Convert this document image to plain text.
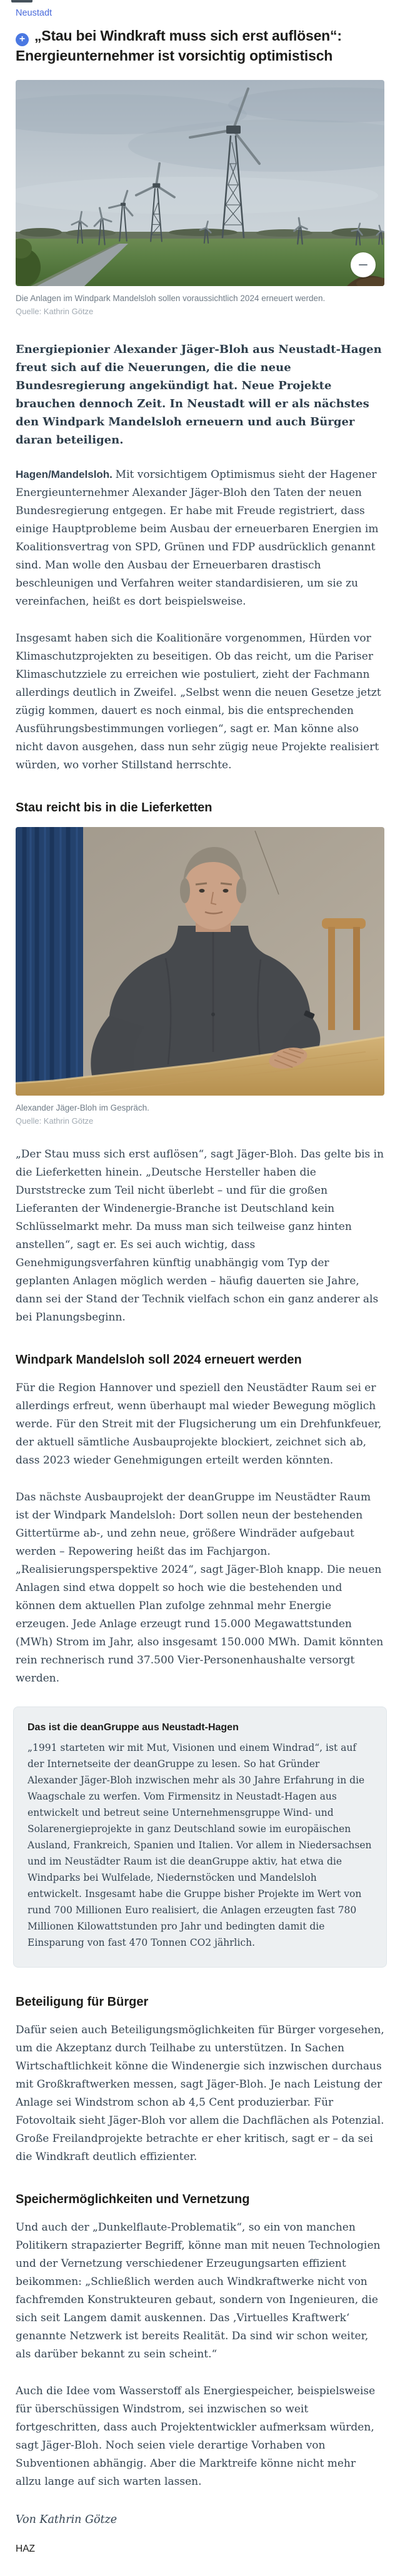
Neustadt
+ „Stau bei Windkraft muss sich erst auflösen“: Energieunternehmer ist vorsichtig optimistisch
Die Anlagen im Windpark Mandelsloh sollen voraussichtlich 2024 erneuert werden.
Quelle: Kathrin Götze
Energiepionier Alexander Jäger-Bloh aus Neustadt-Hagen freut sich auf die Neuerungen, die die neue Bundesregierung angekündigt hat. Neue Projekte brauchen dennoch Zeit. In Neustadt will er als nächstes den Windpark Mandelsloh erneuern und auch Bürger daran beteiligen.

Hagen/Mandelsloh. Mit vorsichtigem Optimismus sieht der Hagener Energieunternehmer Alexander Jäger-Bloh den Taten der neuen Bundesregierung entgegen. Er habe mit Freude registriert, dass einige Hauptprobleme beim Ausbau der erneuerbaren Energien im Koalitionsvertrag von SPD, Grünen und FDP ausdrücklich genannt sind. Man wolle den Ausbau der Erneuerbaren drastisch beschleunigen und Verfahren weiter standardisieren, um sie zu vereinfachen, heißt es dort beispielsweise.

Insgesamt haben sich die Koalitionäre vorgenommen, Hürden vor Klimaschutzprojekten zu beseitigen. Ob das reicht, um die Pariser Klimaschutzziele zu erreichen wie postuliert, zieht der Fachmann allerdings deutlich in Zweifel. „Selbst wenn die neuen Gesetze jetzt zügig kommen, dauert es noch einmal, bis die entsprechenden Ausführungsbestimmungen vorliegen“, sagt er. Man könne also nicht davon ausgehen, dass nun sehr zügig neue Projekte realisiert würden, wo vorher Stillstand herrschte.

Stau reicht bis in die Lieferketten
Alexander Jäger-Bloh im Gespräch.
Quelle: Kathrin Götze

„Der Stau muss sich erst auflösen“, sagt Jäger-Bloh. Das gelte bis in die Lieferketten hinein. „Deutsche Hersteller haben die Durststrecke zum Teil nicht überlebt – und für die großen Lieferanten der Windenergie-Branche ist Deutschland kein Schlüsselmarkt mehr. Da muss man sich teilweise ganz hinten anstellen“, sagt er. Es sei auch wichtig, dass Genehmigungsverfahren künftig unabhängig vom Typ der geplanten Anlagen möglich werden – häufig dauerten sie Jahre, dann sei der Stand der Technik vielfach schon ein ganz anderer als bei Planungsbeginn.

Windpark Mandelsloh soll 2024 erneuert werden

Für die Region Hannover und speziell den Neustädter Raum sei er allerdings erfreut, wenn überhaupt mal wieder Bewegung möglich werde. Für den Streit mit der Flugsicherung um ein Drehfunkfeuer, der aktuell sämtliche Ausbauprojekte blockiert, zeichnet sich ab, dass 2023 wieder Genehmigungen erteilt werden könnten.

Das nächste Ausbauprojekt der deanGruppe im Neustädter Raum ist der Windpark Mandelsloh: Dort sollen neun der bestehenden Gittertürme ab-, und zehn neue, größere Windräder aufgebaut werden – Repowering heißt das im Fachjargon. „Realisierungsperspektive 2024“, sagt Jäger-Bloh knapp. Die neuen Anlagen sind etwa doppelt so hoch wie die bestehenden und können dem aktuellen Plan zufolge zehnmal mehr Energie erzeugen. Jede Anlage erzeugt rund 15.000 Megawattstunden (MWh) Strom im Jahr, also insgesamt 150.000 MWh. Damit könnten rein rechnerisch rund 37.500 Vier-Personenhaushalte versorgt werden.

Das ist die deanGruppe aus Neustadt-Hagen

„1991 starteten wir mit Mut, Visionen und einem Windrad“, ist auf der Internetseite der deanGruppe zu lesen. So hat Gründer Alexander Jäger-Bloh inzwischen mehr als 30 Jahre Erfahrung in die Waagschale zu werfen. Vom Firmensitz in Neustadt-Hagen aus entwickelt und betreut seine Unternehmensgruppe Wind- und Solarenergieprojekte in ganz Deutschland sowie im europäischen Ausland, Frankreich, Spanien und Italien. Vor allem in Niedersachsen und im Neustädter Raum ist die deanGruppe aktiv, hat etwa die Windparks bei Wulfelade, Niedernstöcken und Mandelsloh entwickelt. Insgesamt habe die Gruppe bisher Projekte im Wert von rund 700 Millionen Euro realisiert, die Anlagen erzeugten fast 780 Millionen Kilowattstunden pro Jahr und bedingten damit die Einsparung von fast 470 Tonnen CO2 jährlich.

Beteiligung für Bürger

Dafür seien auch Beteiligungsmöglichkeiten für Bürger vorgesehen, um die Akzeptanz durch Teilhabe zu unterstützen. In Sachen Wirtschaftlichkeit könne die Windenergie sich inzwischen durchaus mit Großkraftwerken messen, sagt Jäger-Bloh. Je nach Leistung der Anlage sei Windstrom schon ab 4,5 Cent produzierbar. Für Fotovoltaik sieht Jäger-Bloh vor allem die Dachflächen als Potenzial. Große Freilandprojekte betrachte er eher kritisch, sagt er – da sei die Windkraft deutlich effizienter.

Speichermöglichkeiten und Vernetzung

Und auch der „Dunkelflaute-Problematik“, so ein von manchen Politikern strapazierter Begriff, könne man mit neuen Technologien und der Vernetzung verschiedener Erzeugungsarten effizient beikommen: „Schließlich werden auch Windkraftwerke nicht von fachfremden Konstrukteuren gebaut, sondern von Ingenieuren, die sich seit Langem damit auskennen. Das ‚Virtuelles Kraftwerk‘ genannte Netzwerk ist bereits Realität. Da sind wir schon weiter, als darüber bekannt zu sein scheint.“

Auch die Idee vom Wasserstoff als Energiespeicher, beispielsweise für überschüssigen Windstrom, sei inzwischen so weit fortgeschritten, dass auch Projektentwickler aufmerksam würden, sagt Jäger-Bloh. Noch seien viele derartige Vorhaben von Subventionen abhängig. Aber die Marktreife könne nicht mehr allzu lange auf sich warten lassen.

Von Kathrin Götze
HAZ
